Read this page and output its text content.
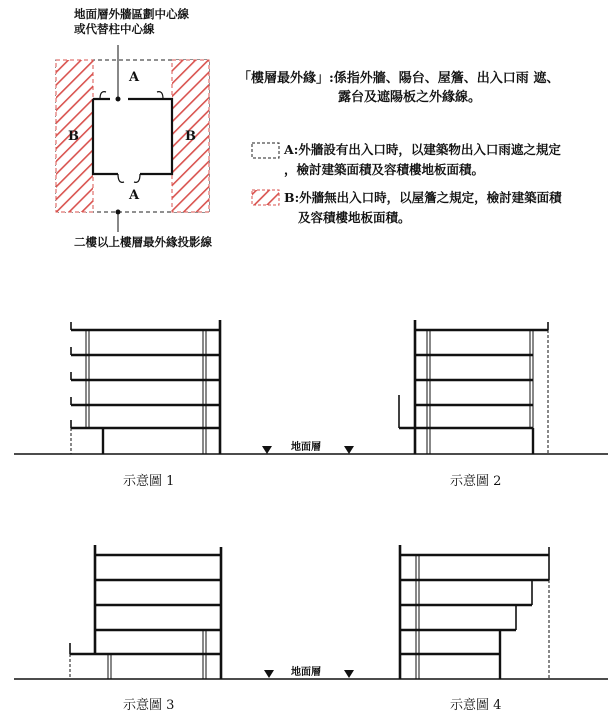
地面層外牆區劃中心線
或代替柱中心線
A
A
B	B
二樓以上樓層最外緣投影線
「樓層最外緣」:係指外牆、陽台、屋簷、出入口雨 遮、
露台及遮陽板之外緣線。
A:外牆設有出入口時，以建築物出入口雨遮之規定
，檢討建築面積及容積樓地板面積。
B:外牆無出入口時，以屋簷之規定，檢討建築面積
及容積樓地板面積。
地面層
地面層
示意圖 1	示意圖 2
示意圖 3	示意圖 4
